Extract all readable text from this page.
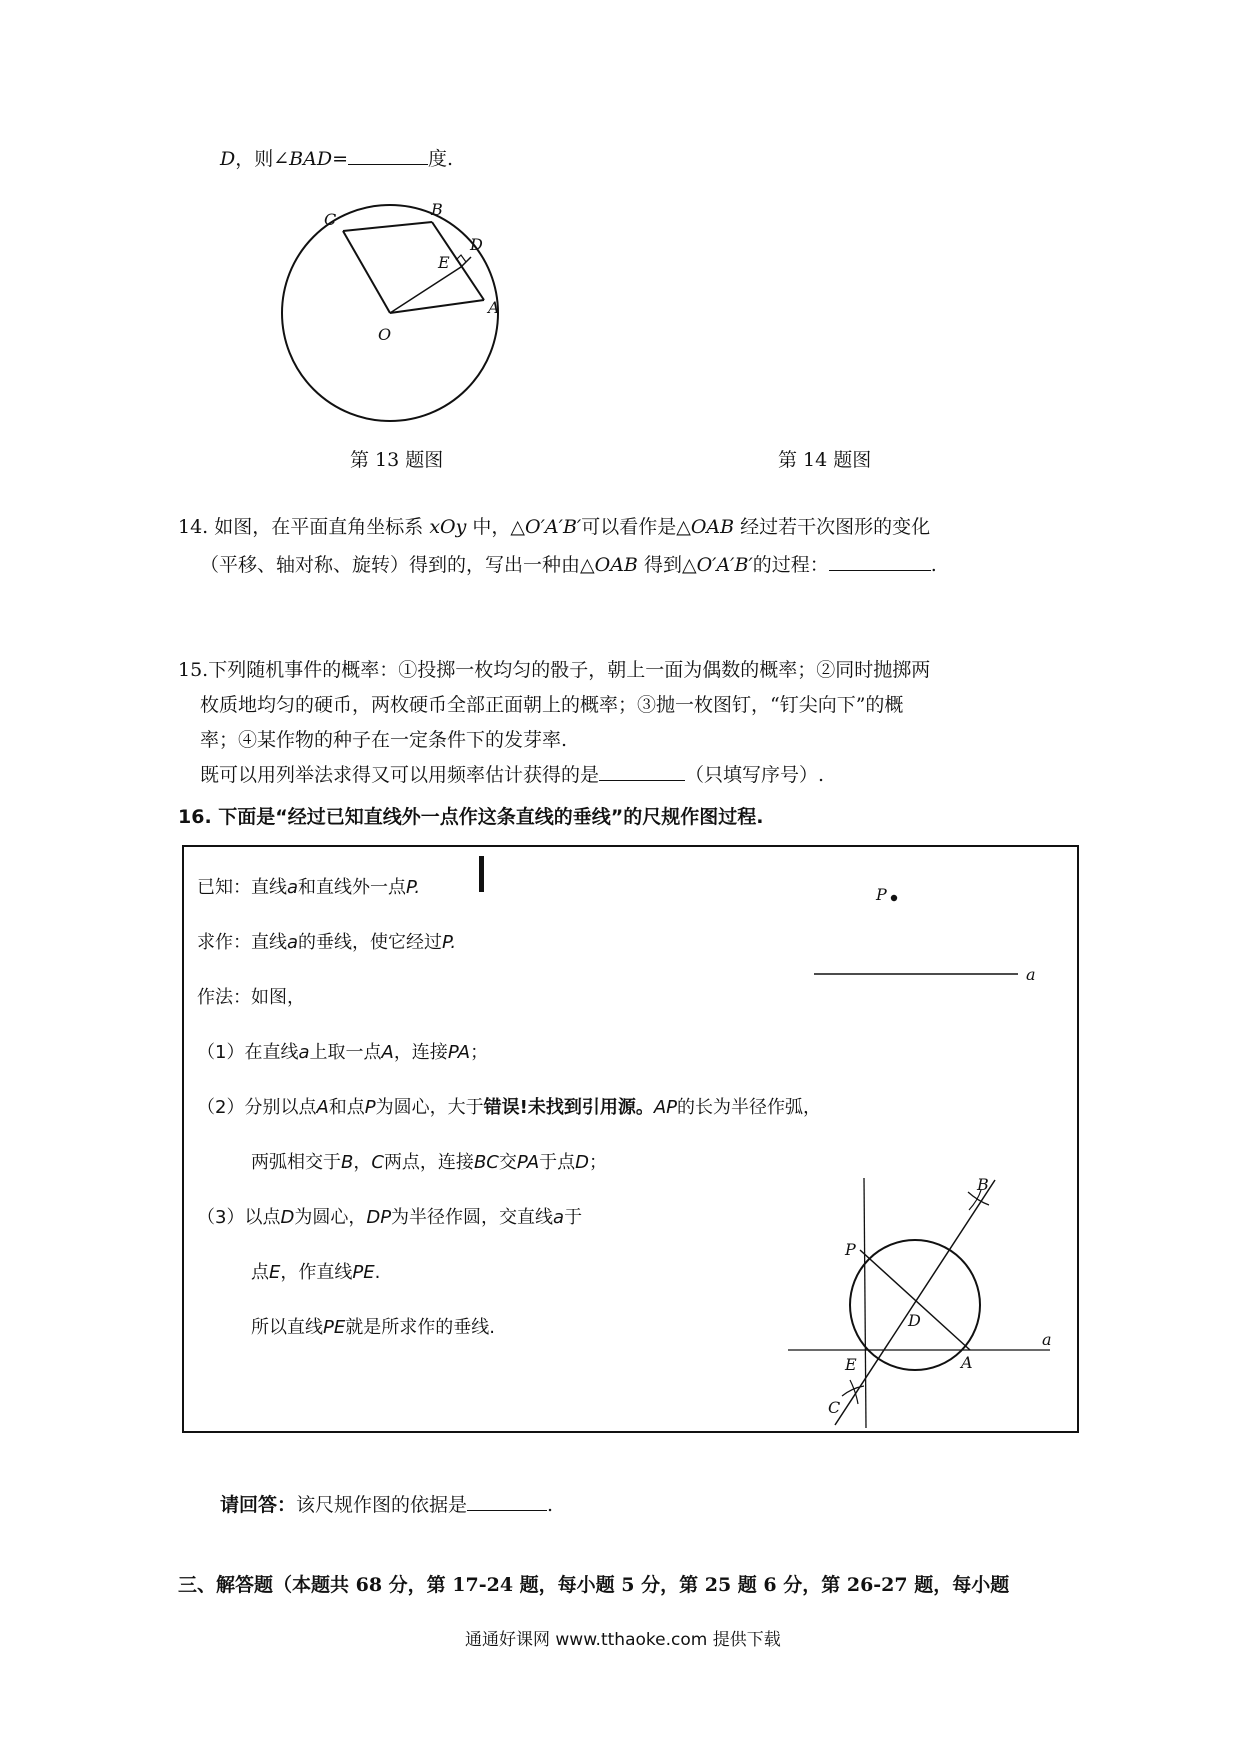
D，则∠BAD=	度.
C
B
E
D
O
A
第 13 题图	第 14 题图
14. 如图，在平面直角坐标系 xOy 中，△O′A′B′可以看作是△OAB 经过若干次图形的变化
（平移、轴对称、旋转）得到的，写出一种由△OAB 得到△O′A′B′的过程：	.
15.下列随机事件的概率：①投掷一枚均匀的骰子，朝上一面为偶数的概率；②同时抛掷两
枚质地均匀的硬币，两枚硬币全部正面朝上的概率；③抛一枚图钉，“钉尖向下”的概
率；④某作物的种子在一定条件下的发芽率.
既可以用列举法求得又可以用频率估计获得的是	（只填写序号）.
16. 下面是“经过已知直线外一点作这条直线的垂线”的尺规作图过程.
已知：直线a和直线外一点P.
求作：直线a的垂线，使它经过P.
作法：如图，
（1）在直线a上取一点A，连接PA；
（2）分别以点A和点P为圆心，大于错误!未找到引用源。AP的长为半径作弧，
两弧相交于B，C两点，连接BC交PA于点D；
（3）以点D为圆心，DP为半径作圆，交直线a于
点E，作直线PE.
所以直线PE就是所求作的垂线.
P
a
B
P
D
a
E	A
C
请回答：该尺规作图的依据是	.
三、解答题（本题共 68 分，第 17-24 题，每小题 5 分，第 25 题 6 分，第 26-27 题，每小题
通通好课网 www.tthaoke.com 提供下载
